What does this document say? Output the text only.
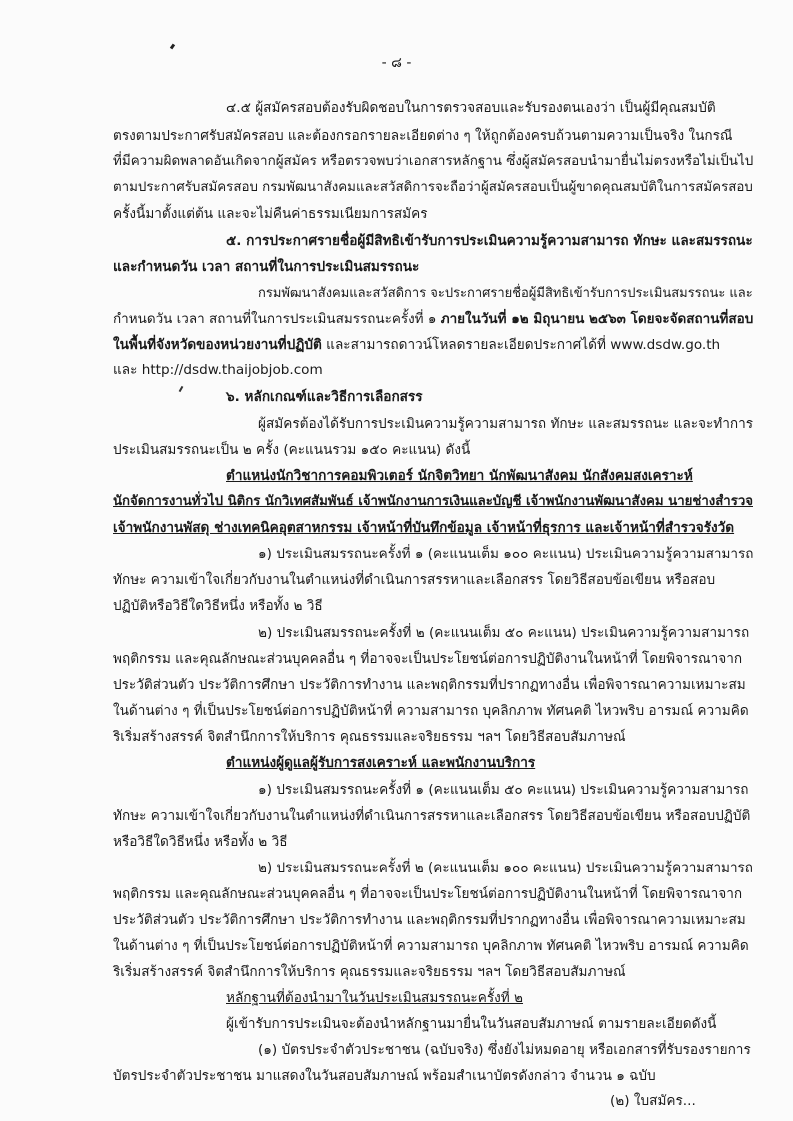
- ๘ -
๔.๕ ผู้สมัครสอบต้องรับผิดชอบในการตรวจสอบและรับรองตนเองว่า เป็นผู้มีคุณสมบัติ
ตรงตามประกาศรับสมัครสอบ และต้องกรอกรายละเอียดต่าง ๆ ให้ถูกต้องครบถ้วนตามความเป็นจริง ในกรณี
ที่มีความผิดพลาดอันเกิดจากผู้สมัคร หรือตรวจพบว่าเอกสารหลักฐาน ซึ่งผู้สมัครสอบนำมายื่นไม่ตรงหรือไม่เป็นไป
ตามประกาศรับสมัครสอบ กรมพัฒนาสังคมและสวัสดิการจะถือว่าผู้สมัครสอบเป็นผู้ขาดคุณสมบัติในการสมัครสอบ
ครั้งนี้มาตั้งแต่ต้น และจะไม่คืนค่าธรรมเนียมการสมัคร
๕. การประกาศรายชื่อผู้มีสิทธิเข้ารับการประเมินความรู้ความสามารถ ทักษะ และสมรรถนะ
และกำหนดวัน เวลา สถานที่ในการประเมินสมรรถนะ
กรมพัฒนาสังคมและสวัสดิการ จะประกาศรายชื่อผู้มีสิทธิเข้ารับการประเมินสมรรถนะ และ
กำหนดวัน เวลา สถานที่ในการประเมินสมรรถนะครั้งที่ ๑ ภายในวันที่ ๑๒ มิถุนายน ๒๕๖๓ โดยจะจัดสถานที่สอบ
ในพื้นที่จังหวัดของหน่วยงานที่ปฏิบัติ และสามารถดาวน์โหลดรายละเอียดประกาศได้ที่ www.dsdw.go.th
และ http://dsdw.thaijobjob.com
๖. หลักเกณฑ์และวิธีการเลือกสรร
ผู้สมัครต้องได้รับการประเมินความรู้ความสามารถ ทักษะ และสมรรถนะ และจะทำการ
ประเมินสมรรถนะเป็น ๒ ครั้ง (คะแนนรวม ๑๕๐ คะแนน) ดังนี้
ตำแหน่งนักวิชาการคอมพิวเตอร์ นักจิตวิทยา นักพัฒนาสังคม นักสังคมสงเคราะห์
นักจัดการงานทั่วไป นิติกร นักวิเทศสัมพันธ์ เจ้าพนักงานการเงินและบัญชี เจ้าพนักงานพัฒนาสังคม นายช่างสำรวจ
เจ้าพนักงานพัสดุ ช่างเทคนิคอุตสาหกรรม เจ้าหน้าที่บันทึกข้อมูล เจ้าหน้าที่ธุรการ และเจ้าหน้าที่สำรวจรังวัด
๑) ประเมินสมรรถนะครั้งที่ ๑ (คะแนนเต็ม ๑๐๐ คะแนน) ประเมินความรู้ความสามารถ
ทักษะ ความเข้าใจเกี่ยวกับงานในตำแหน่งที่ดำเนินการสรรหาและเลือกสรร โดยวิธีสอบข้อเขียน หรือสอบ
ปฏิบัติหรือวิธีใดวิธีหนึ่ง หรือทั้ง ๒ วิธี
๒) ประเมินสมรรถนะครั้งที่ ๒ (คะแนนเต็ม ๕๐ คะแนน) ประเมินความรู้ความสามารถ
พฤติกรรม และคุณลักษณะส่วนบุคคลอื่น ๆ ที่อาจจะเป็นประโยชน์ต่อการปฏิบัติงานในหน้าที่ โดยพิจารณาจาก
ประวัติส่วนตัว ประวัติการศึกษา ประวัติการทำงาน และพฤติกรรมที่ปรากฏทางอื่น เพื่อพิจารณาความเหมาะสม
ในด้านต่าง ๆ ที่เป็นประโยชน์ต่อการปฏิบัติหน้าที่ ความสามารถ บุคลิกภาพ ทัศนคติ ไหวพริบ อารมณ์ ความคิด
ริเริ่มสร้างสรรค์ จิตสำนึกการให้บริการ คุณธรรมและจริยธรรม ฯลฯ โดยวิธีสอบสัมภาษณ์
ตำแหน่งผู้ดูแลผู้รับการสงเคราะห์ และพนักงานบริการ
๑) ประเมินสมรรถนะครั้งที่ ๑ (คะแนนเต็ม ๕๐ คะแนน) ประเมินความรู้ความสามารถ
ทักษะ ความเข้าใจเกี่ยวกับงานในตำแหน่งที่ดำเนินการสรรหาและเลือกสรร โดยวิธีสอบข้อเขียน หรือสอบปฏิบัติ
หรือวิธีใดวิธีหนึ่ง หรือทั้ง ๒ วิธี
๒) ประเมินสมรรถนะครั้งที่ ๒ (คะแนนเต็ม ๑๐๐ คะแนน) ประเมินความรู้ความสามารถ
พฤติกรรม และคุณลักษณะส่วนบุคคลอื่น ๆ ที่อาจจะเป็นประโยชน์ต่อการปฏิบัติงานในหน้าที่ โดยพิจารณาจาก
ประวัติส่วนตัว ประวัติการศึกษา ประวัติการทำงาน และพฤติกรรมที่ปรากฏทางอื่น เพื่อพิจารณาความเหมาะสม
ในด้านต่าง ๆ ที่เป็นประโยชน์ต่อการปฏิบัติหน้าที่ ความสามารถ บุคลิกภาพ ทัศนคติ ไหวพริบ อารมณ์ ความคิด
ริเริ่มสร้างสรรค์ จิตสำนึกการให้บริการ คุณธรรมและจริยธรรม ฯลฯ โดยวิธีสอบสัมภาษณ์
หลักฐานที่ต้องนำมาในวันประเมินสมรรถนะครั้งที่ ๒
ผู้เข้ารับการประเมินจะต้องนำหลักฐานมายื่นในวันสอบสัมภาษณ์ ตามรายละเอียดดังนี้
(๑) บัตรประจำตัวประชาชน (ฉบับจริง) ซึ่งยังไม่หมดอายุ หรือเอกสารที่รับรองรายการ
บัตรประจำตัวประชาชน มาแสดงในวันสอบสัมภาษณ์ พร้อมสำเนาบัตรดังกล่าว จำนวน ๑ ฉบับ
(๒) ใบสมัคร...
